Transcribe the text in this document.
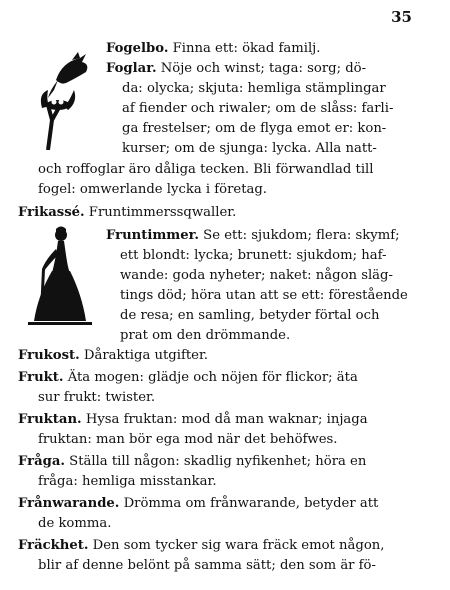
35
Fogelbo. Finna ett: ökad familj.
Foglar. Nöje och winst; taga: sorg; dö-
da: olycka; skjuta: hemliga stämplingar
af fiender och riwaler; om de slåss: farli-
ga frestelser; om de flyga emot er: kon-
kurser; om de sjunga: lycka. Alla natt-
och roffoglar äro dåliga tecken. Bli förwandlad till
fogel: omwerlande lycka i företag.
Frikassé. Fruntimmerssqwaller.
Fruntimmer. Se ett: sjukdom; flera: skymf;
ett blondt: lycka; brunett: sjukdom; haf-
wande: goda nyheter; naket: någon släg-
tings död; höra utan att se ett: förestående
de resa; en samling, betyder förtal och
prat om den drömmande.
Frukost. Dåraktiga utgifter.
Frukt. Äta mogen: glädje och nöjen för flickor; äta
sur frukt: twister.
Fruktan. Hysa fruktan: mod då man waknar; injaga
fruktan: man bör ega mod när det behöfwes.
Fråga. Ställa till någon: skadlig nyfikenhet; höra en
fråga: hemliga misstankar.
Frånwarande. Drömma om frånwarande, betyder att
de komma.
Fräckhet. Den som tycker sig wara fräck emot någon,
blir af denne belönt på samma sätt; den som är fö-
